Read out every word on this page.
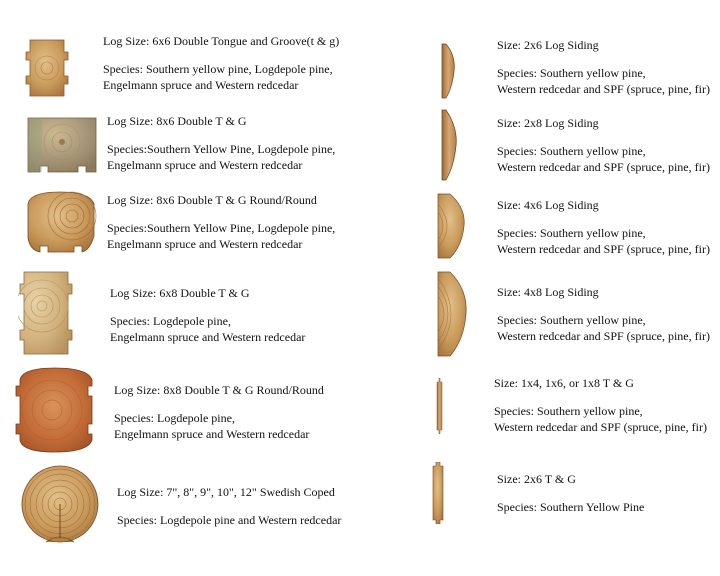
Log Size: 6x6 Double Tongue and Groove(t & g)
Species: Southern yellow pine, Logdepole pine,
Engelmann spruce and Western redcedar
Log Size: 8x6 Double T & G
Species:Southern Yellow Pine, Logdepole pine,
Engelmann spruce and Western redcedar
Log Size: 8x6 Double T & G Round/Round
Species:Southern Yellow Pine, Logdepole pine,
Engelmann spruce and Western redcedar
Log Size: 6x8 Double T & G
Species: Logdepole pine,
Engelmann spruce and Western redcedar
Log Size: 8x8 Double T & G Round/Round
Species: Logdepole pine,
Engelmann spruce and Western redcedar
Log Size: 7", 8", 9", 10", 12" Swedish Coped
Species: Logdepole pine and Western redcedar
Size: 2x6 Log Siding
Species: Southern yellow pine,
Western redcedar and SPF (spruce, pine, fir)
Size: 2x8 Log Siding
Species: Southern yellow pine,
Western redcedar and SPF (spruce, pine, fir)
Size: 4x6 Log Siding
Species: Southern yellow pine,
Western redcedar and SPF (spruce, pine, fir)
Size: 4x8 Log Siding
Species: Southern yellow pine,
Western redcedar and SPF (spruce, pine, fir)
Size: 1x4, 1x6, or 1x8 T & G
Species: Southern yellow pine,
Western redcedar and SPF (spruce, pine, fir)
Size: 2x6 T & G
Species: Southern Yellow Pine
